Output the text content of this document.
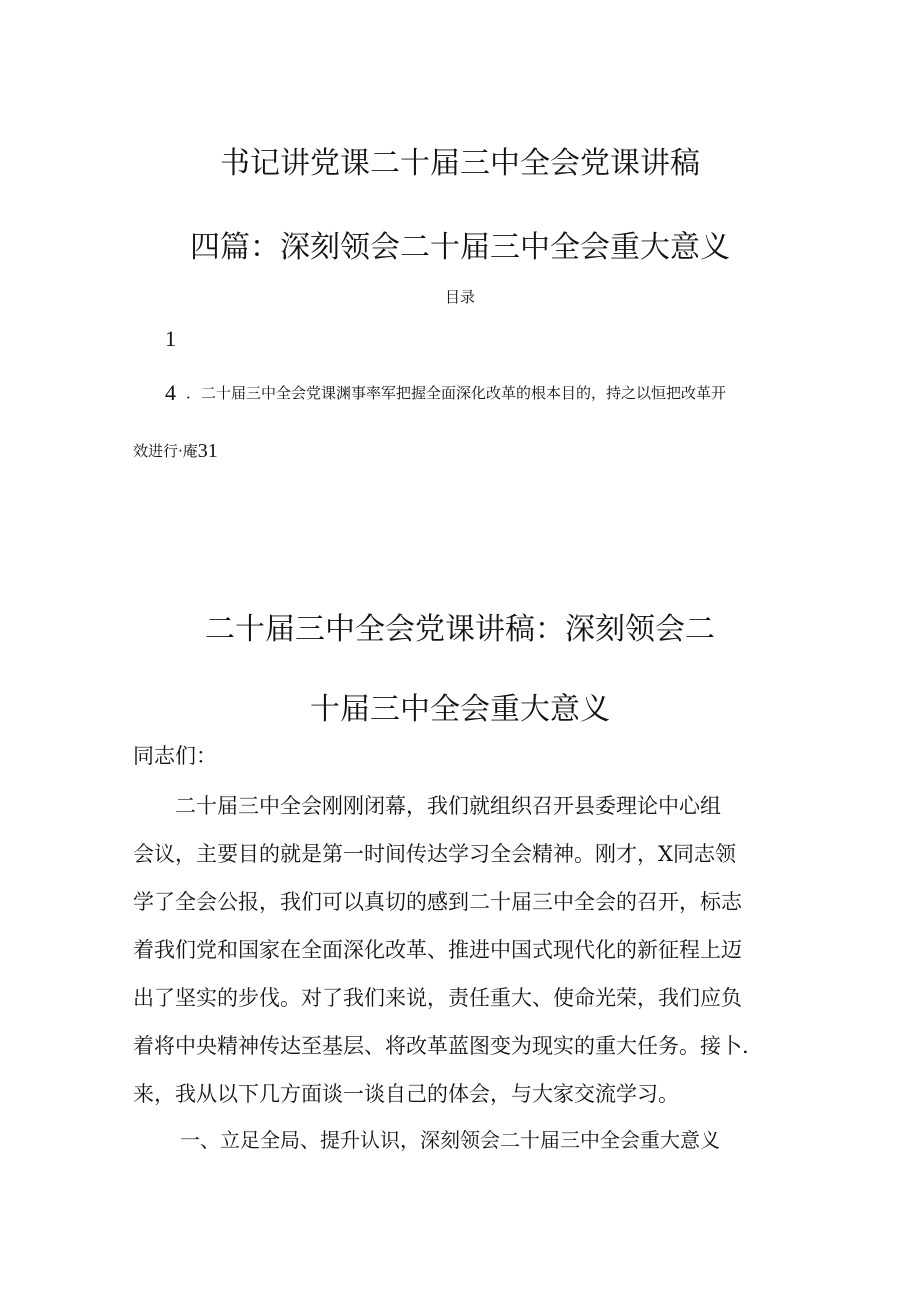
书记讲党课二十届三中全会党课讲稿
四篇：深刻领会二十届三中全会重大意义
目录
1
4 ．二十届三中全会党课渊事率军把握全面深化改革的根本目的，持之以恒把改革开
效进行·庵31
二十届三中全会党课讲稿：深刻领会二
十届三中全会重大意义
同志们：
　　二十届三中全会刚刚闭幕，我们就组织召开县委理论中心组
会议，主要目的就是第一时间传达学习全会精神。刚才，X同志领
学了全会公报，我们可以真切的感到二十届三中全会的召开，标志
着我们党和国家在全面深化改革、推进中国式现代化的新征程上迈
出了坚实的步伐。对了我们来说，责任重大、使命光荣，我们应负
着将中央精神传达至基层、将改革蓝图变为现实的重大任务。接卜.
来，我从以下几方面谈一谈自己的体会，与大家交流学习。
一、立足全局、提升认识，深刻领会二十届三中全会重大意义
